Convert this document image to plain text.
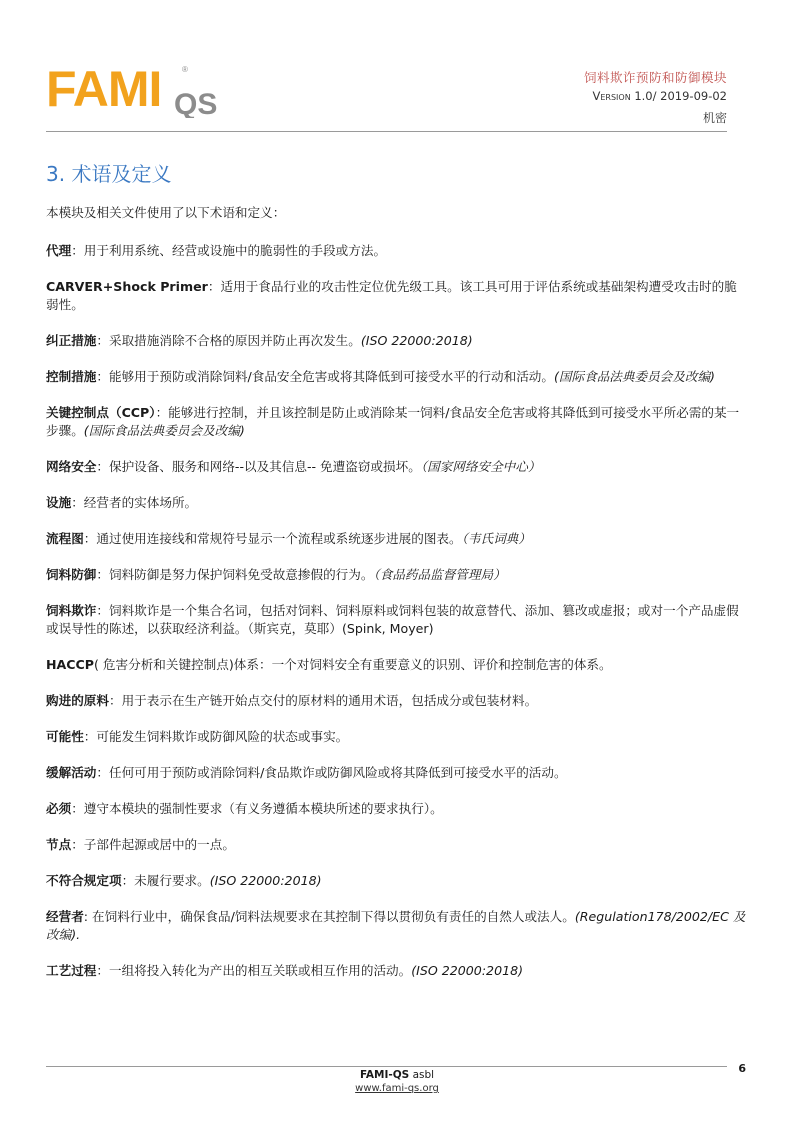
FAMI QS
®
饲料欺诈预防和防御模块
Version 1.0/ 2019-09-02
机密
3. 术语及定义

本模块及相关文件使用了以下术语和定义：

代理：用于利用系统、经营或设施中的脆弱性的手段或方法。

CARVER+Shock Primer：适用于食品行业的攻击性定位优先级工具。该工具可用于评估系统或基础架构遭受攻击时的脆弱性。

纠正措施：采取措施消除不合格的原因并防止再次发生。(ISO 22000:2018)

控制措施：能够用于预防或消除饲料/食品安全危害或将其降低到可接受水平的行动和活动。(国际食品法典委员会及改编)

关键控制点（CCP）：能够进行控制，并且该控制是防止或消除某一饲料/食品安全危害或将其降低到可接受水平所必需的某一步骤。(国际食品法典委员会及改编)

网络安全：保护设备、服务和网络--以及其信息-- 免遭盗窃或损坏。（国家网络安全中心）

设施：经营者的实体场所。

流程图：通过使用连接线和常规符号显示一个流程或系统逐步进展的图表。（韦氏词典）

饲料防御：饲料防御是努力保护饲料免受故意掺假的行为。（食品药品监督管理局）

饲料欺诈：饲料欺诈是一个集合名词，包括对饲料、饲料原料或饲料包装的故意替代、添加、篡改或虚报；或对一个产品虚假或误导性的陈述，以获取经济利益。（斯宾克，莫耶）(Spink, Moyer)

HACCP( 危害分析和关键控制点)体系：一个对饲料安全有重要意义的识别、评价和控制危害的体系。

购进的原料：用于表示在生产链开始点交付的原材料的通用术语，包括成分或包装材料。

可能性：可能发生饲料欺诈或防御风险的状态或事实。

缓解活动：任何可用于预防或消除饲料/食品欺诈或防御风险或将其降低到可接受水平的活动。

必须：遵守本模块的强制性要求（有义务遵循本模块所述的要求执行）。

节点：子部件起源或居中的一点。

不符合规定项：未履行要求。(ISO 22000:2018)

经营者: 在饲料行业中，确保食品/饲料法规要求在其控制下得以贯彻负有责任的自然人或法人。(Regulation178/2002/EC 及改编).

工艺过程：一组将投入转化为产出的相互关联或相互作用的活动。(ISO 22000:2018)

FAMI-QS asbl
www.fami-qs.org
6
